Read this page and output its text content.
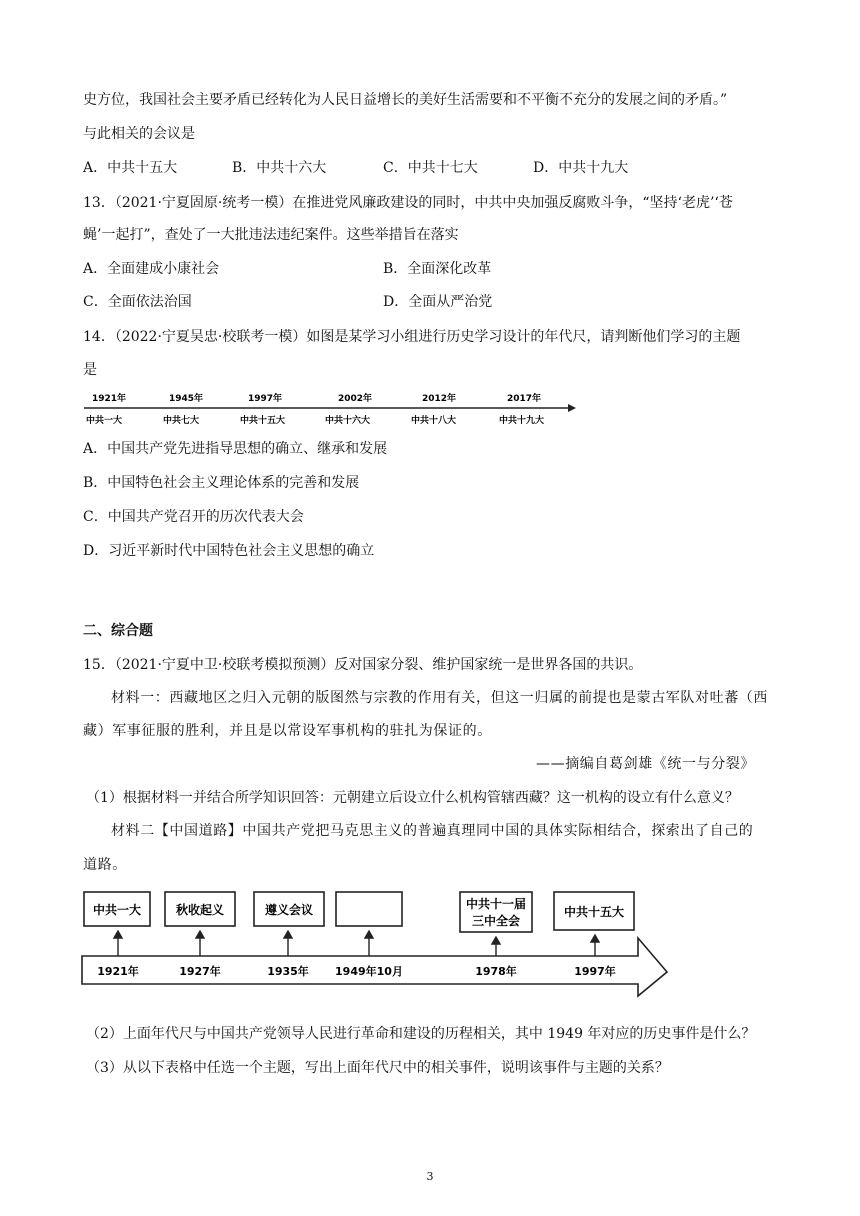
史方位，我国社会主要矛盾已经转化为人民日益增长的美好生活需要和不平衡不充分的发展之间的矛盾。”
与此相关的会议是
A．中共十五大	B．中共十六大	C．中共十七大	D．中共十九大
13．（2021·宁夏固原·统考一模）在推进党风廉政建设的同时，中共中央加强反腐败斗争，“坚持‘老虎’‘苍
蝇’一起打”，查处了一大批违法违纪案件。这些举措旨在落实
A．全面建成小康社会	B．全面深化改革
C．全面依法治国	D．全面从严治党
14．（2022·宁夏吴忠·校联考一模）如图是某学习小组进行历史学习设计的年代尺，请判断他们学习的主题
是
1921年	1945年	1997年	2002年	2012年	2017年
中共一大	中共七大	中共十五大	中共十六大	中共十八大	中共十九大
A．中国共产党先进指导思想的确立、继承和发展
B．中国特色社会主义理论体系的完善和发展
C．中国共产党召开的历次代表大会
D．习近平新时代中国特色社会主义思想的确立
二、综合题
15．（2021·宁夏中卫·校联考模拟预测）反对国家分裂、维护国家统一是世界各国的共识。
材料一：西藏地区之归入元朝的版图然与宗教的作用有关，但这一归属的前提也是蒙古军队对吐蕃（西
藏）军事征服的胜利，并且是以常设军事机构的驻扎为保证的。
——摘编自葛剑雄《统一与分裂》
（1）根据材料一并结合所学知识回答：元朝建立后设立什么机构管辖西藏？这一机构的设立有什么意义？
材料二【中国道路】中国共产党把马克思主义的普遍真理同中国的具体实际相结合，探索出了自己的
道路。
中共一大	秋收起义	遵义会议	中共十一届
三中全会
中共十五大
1921年	1927年	1935年 1949年10月	1978年	1997年
（2）上面年代尺与中国共产党领导人民进行革命和建设的历程相关，其中 1949 年对应的历史事件是什么？
（3）从以下表格中任选一个主题，写出上面年代尺中的相关事件，说明该事件与主题的关系？
3
